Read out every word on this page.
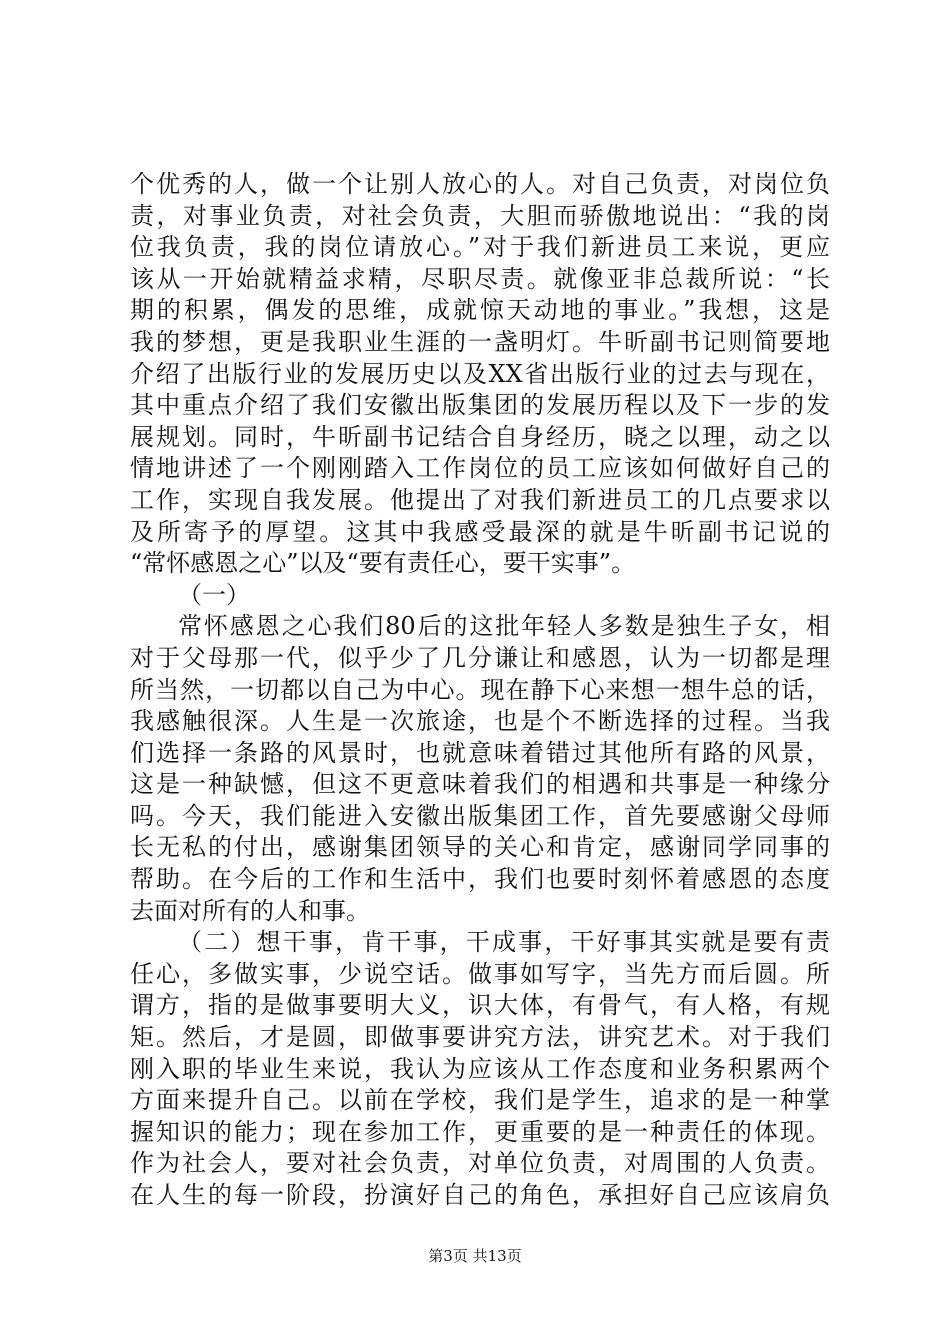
个优秀的人，做一个让别人放心的人。对自己负责，对岗位负
责，对事业负责，对社会负责，大胆而骄傲地说出：“我的岗
位我负责，我的岗位请放心。”对于我们新进员工来说，更应
该从一开始就精益求精，尽职尽责。就像亚非总裁所说：“长
期的积累，偶发的思维，成就惊天动地的事业。”我想，这是
我的梦想，更是我职业生涯的一盏明灯。牛昕副书记则简要地
介绍了出版行业的发展历史以及XX省出版行业的过去与现在，
其中重点介绍了我们安徽出版集团的发展历程以及下一步的发
展规划。同时，牛昕副书记结合自身经历，晓之以理，动之以
情地讲述了一个刚刚踏入工作岗位的员工应该如何做好自己的
工作，实现自我发展。他提出了对我们新进员工的几点要求以
及所寄予的厚望。这其中我感受最深的就是牛昕副书记说的
“常怀感恩之心”以及“要有责任心，要干实事”。
（一）
常怀感恩之心我们80后的这批年轻人多数是独生子女，相
对于父母那一代，似乎少了几分谦让和感恩，认为一切都是理
所当然，一切都以自己为中心。现在静下心来想一想牛总的话，
我感触很深。人生是一次旅途，也是个不断选择的过程。当我
们选择一条路的风景时，也就意味着错过其他所有路的风景，
这是一种缺憾，但这不更意味着我们的相遇和共事是一种缘分
吗。今天，我们能进入安徽出版集团工作，首先要感谢父母师
长无私的付出，感谢集团领导的关心和肯定，感谢同学同事的
帮助。在今后的工作和生活中，我们也要时刻怀着感恩的态度
去面对所有的人和事。
（二）想干事，肯干事，干成事，干好事其实就是要有责
任心，多做实事，少说空话。做事如写字，当先方而后圆。所
谓方，指的是做事要明大义，识大体，有骨气，有人格，有规
矩。然后，才是圆，即做事要讲究方法，讲究艺术。对于我们
刚入职的毕业生来说，我认为应该从工作态度和业务积累两个
方面来提升自己。以前在学校，我们是学生，追求的是一种掌
握知识的能力；现在参加工作，更重要的是一种责任的体现。
作为社会人，要对社会负责，对单位负责，对周围的人负责。
在人生的每一阶段，扮演好自己的角色，承担好自己应该肩负
第3页 共13页
